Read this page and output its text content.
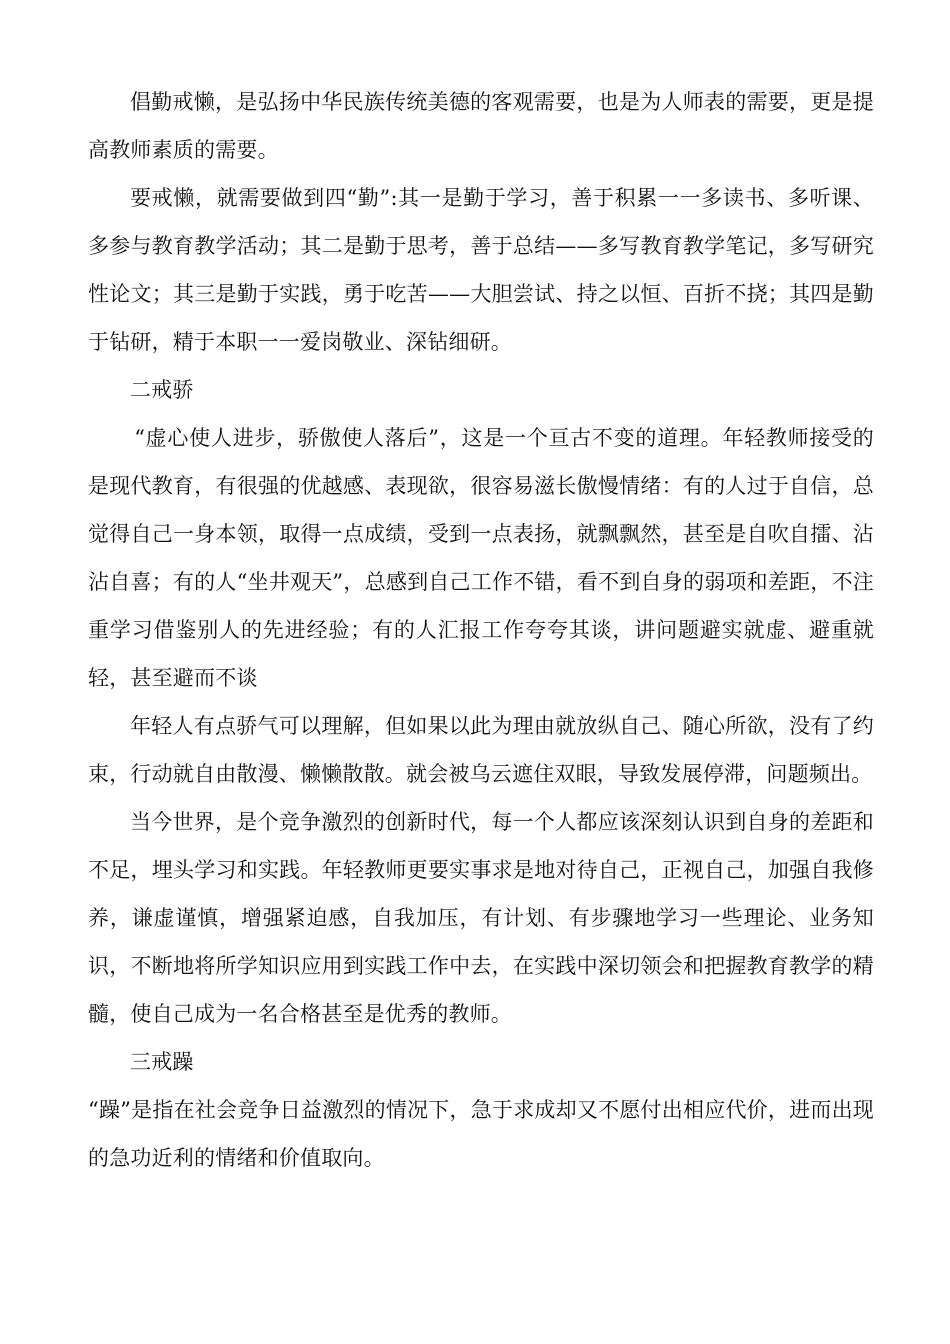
倡勤戒懒，是弘扬中华民族传统美德的客观需要，也是为人师表的需要，更是提高教师素质的需要。

要戒懒，就需要做到四“勤”:其一是勤于学习，善于积累一一多读书、多听课、多参与教育教学活动；其二是勤于思考，善于总结——多写教育教学笔记，多写研究性论文；其三是勤于实践，勇于吃苦——大胆尝试、持之以恒、百折不挠；其四是勤于钻研，精于本职一一爱岗敬业、深钻细研。

二戒骄

“虚心使人进步，骄傲使人落后”，这是一个亘古不变的道理。年轻教师接受的是现代教育，有很强的优越感、表现欲，很容易滋长傲慢情绪：有的人过于自信，总觉得自己一身本领，取得一点成绩，受到一点表扬，就飘飘然，甚至是自吹自擂、沾沾自喜；有的人“坐井观天”，总感到自己工作不错，看不到自身的弱项和差距，不注重学习借鉴别人的先进经验；有的人汇报工作夸夸其谈，讲问题避实就虚、避重就轻，甚至避而不谈

年轻人有点骄气可以理解，但如果以此为理由就放纵自己、随心所欲，没有了约束，行动就自由散漫、懒懒散散。就会被乌云遮住双眼，导致发展停滞，问题频出。

当今世界，是个竞争激烈的创新时代，每一个人都应该深刻认识到自身的差距和不足，埋头学习和实践。年轻教师更要实事求是地对待自己，正视自己，加强自我修养，谦虚谨慎，增强紧迫感，自我加压，有计划、有步骤地学习一些理论、业务知识，不断地将所学知识应用到实践工作中去，在实践中深切领会和把握教育教学的精髓，使自己成为一名合格甚至是优秀的教师。

三戒躁

“躁”是指在社会竞争日益激烈的情况下，急于求成却又不愿付出相应代价，进而出现的急功近利的情绪和价值取向。
